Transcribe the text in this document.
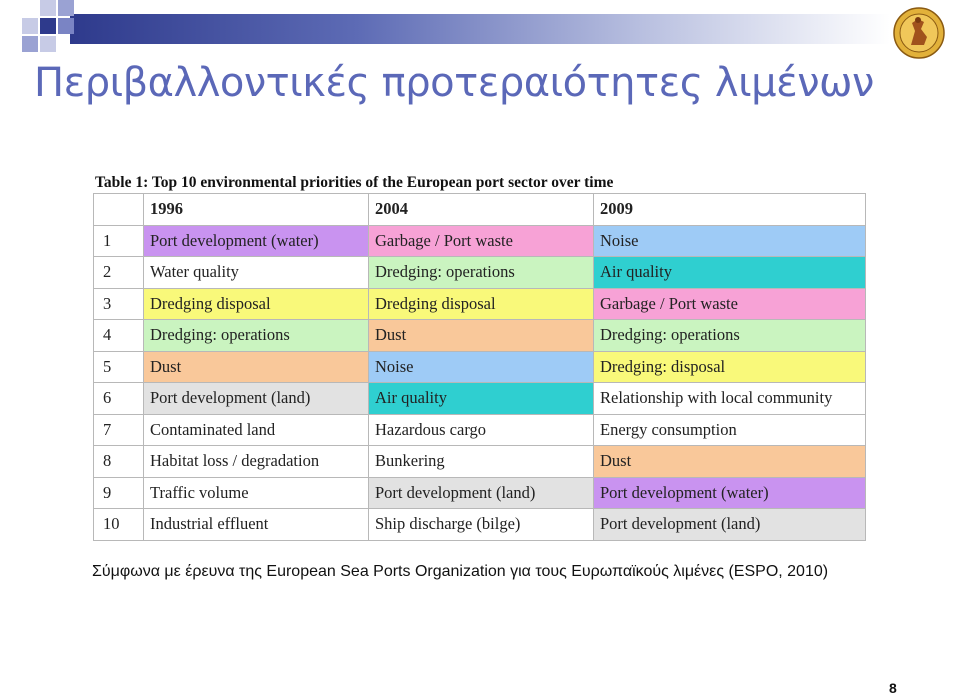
Περιβαλλοντικές προτεραιότητες λιμένων
Table 1: Top 10 environmental priorities of the European port sector over time
	1996	2004	2009
1	Port development (water)	Garbage / Port waste	Noise
2	Water quality	Dredging: operations	Air quality
3	Dredging disposal	Dredging disposal	Garbage / Port waste
4	Dredging: operations	Dust	Dredging: operations
5	Dust	Noise	Dredging: disposal
6	Port development (land)	Air quality	Relationship with local community
7	Contaminated land	Hazardous cargo	Energy consumption
8	Habitat loss / degradation	Bunkering	Dust
9	Traffic volume	Port development (land)	Port development (water)
10	Industrial effluent	Ship discharge (bilge)	Port development (land)
Σύμφωνα με έρευνα της European Sea Ports Organization για τους Ευρωπαϊκούς λιμένες (ESPO, 2010)
8
